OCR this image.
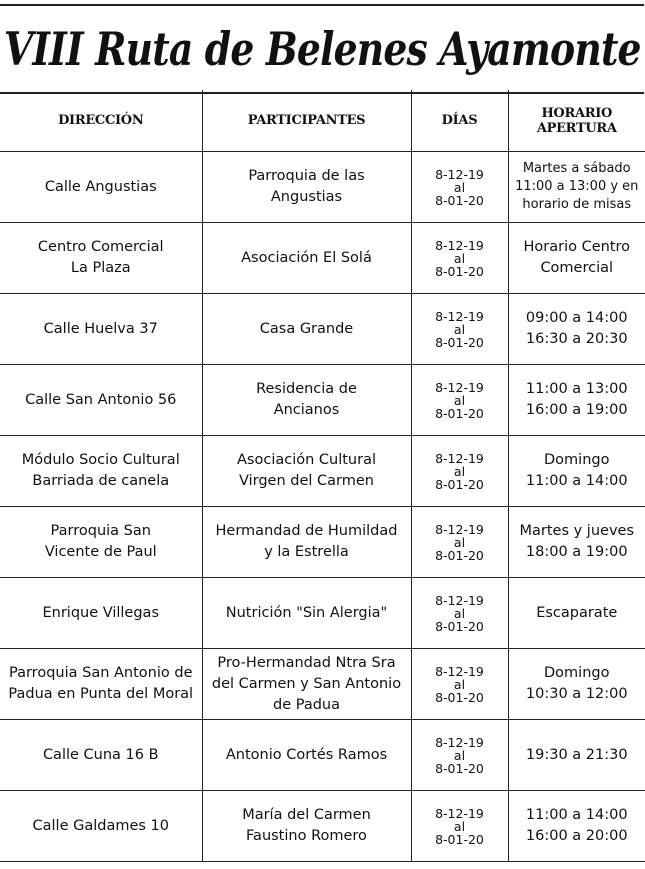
VIII Ruta de Belenes Ayamonte
DIRECCIÓN	PARTICIPANTES	DÍAS	HORARIO APERTURA

Calle Angustias	Parroquia de las
Angustias	8-12-19
al
8-01-20	Martes a sábado
11:00 a 13:00 y en
horario de misas

Centro Comercial
La Plaza	Asociación El Solá	8-12-19
al
8-01-20	Horario Centro
Comercial

Calle Huelva 37	Casa Grande	8-12-19
al
8-01-20	09:00 a 14:00
16:30 a 20:30

Calle San Antonio 56	Residencia de
Ancianos	8-12-19
al
8-01-20	11:00 a 13:00
16:00 a 19:00

Módulo Socio Cultural
Barriada de canela	Asociación Cultural
Virgen del Carmen	8-12-19
al
8-01-20	Domingo
11:00 a 14:00

Parroquia San
Vicente de Paul	Hermandad de Humildad
y la Estrella	8-12-19
al
8-01-20	Martes y jueves
18:00 a 19:00

Enrique Villegas	Nutrición "Sin Alergia"	8-12-19
al
8-01-20	Escaparate

Parroquia San Antonio de
Padua en Punta del Moral	Pro-Hermandad Ntra Sra
del Carmen y San Antonio
de Padua	8-12-19
al
8-01-20	Domingo
10:30 a 12:00

Calle Cuna 16 B	Antonio Cortés Ramos	8-12-19
al
8-01-20	19:30 a 21:30

Calle Galdames 10	María del Carmen
Faustino Romero	8-12-19
al
8-01-20	11:00 a 14:00
16:00 a 20:00
